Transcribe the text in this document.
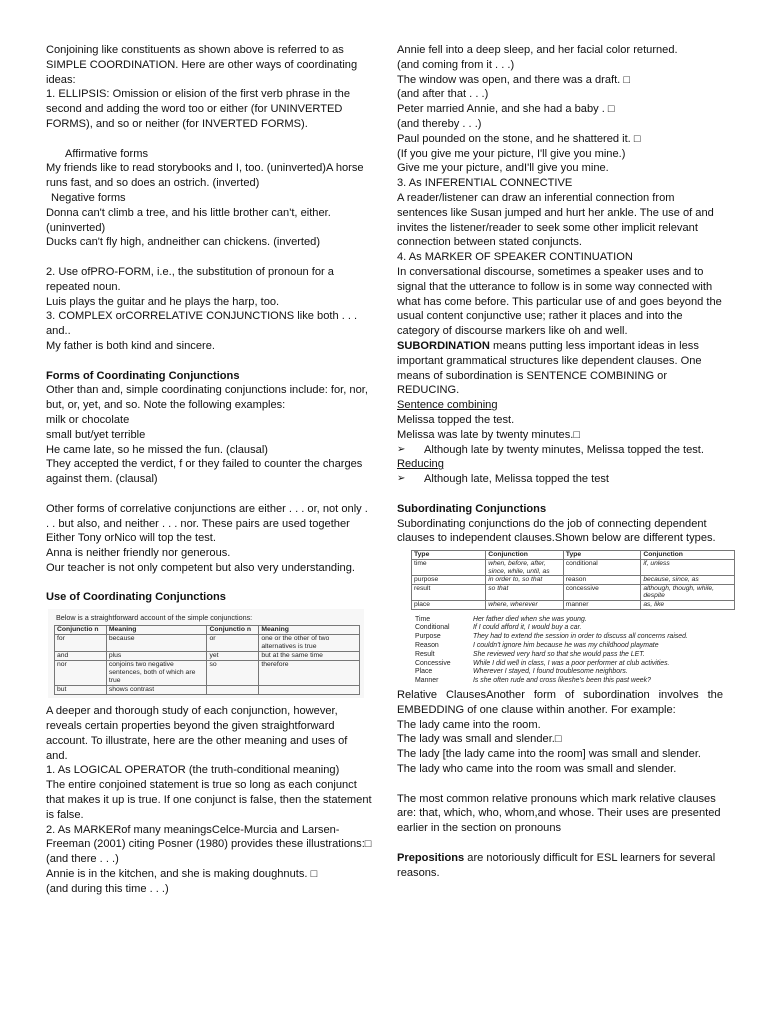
Conjoining like constituents as shown above is referred to as SIMPLE COORDINATION. Here are other ways of coordinating ideas:

1. ELLIPSIS: Omission or elision of the first verb phrase in the second and adding the word too or either (for UNINVERTED FORMS), and so or neither (for INVERTED FORMS).

Affirmative forms

My friends like to read storybooks and I, too. (uninverted)A horse runs fast, and so does an ostrich. (inverted)

Negative forms

Donna can't climb a tree, and his little brother can't, either. (uninverted)

Ducks can't fly high, andneither can chickens. (inverted)

2. Use ofPRO-FORM, i.e., the substitution of pronoun for a repeated noun.

Luis plays the guitar and he plays the harp, too.

3. COMPLEX orCORRELATIVE CONJUNCTIONS like both . . . and..

My father is both kind and sincere.

Forms of Coordinating Conjunctions

Other than and, simple coordinating conjunctions include: for, nor, but, or, yet, and so. Note the following examples:

milk or chocolate

small but/yet terrible

He came late, so he missed the fun. (clausal)

They accepted the verdict, f or they failed to counter the charges against them. (clausal)

Other forms of correlative conjunctions are either . . . or, not only . . . but also, and neither . . . nor. These pairs are used together

Either Tony orNico will top the test.

Anna is neither friendly nor generous.

Our teacher is not only competent but also very understanding.

Use of Coordinating Conjunctions

Below is a straightforward account of the simple conjunctions:
Conjunctio n	Meaning	Conjunctio n	Meaning
for	because	or	one or the other of two alternatives is true
and	plus	yet	but at the same time
nor	conjoins two negative sentences, both of which are true	so	therefore
but	shows contrast		

A deeper and thorough study of each conjunction, however, reveals certain properties beyond the given straightforward account. To illustrate, here are the other meaning and uses of and.

1. As LOGICAL OPERATOR (the truth-conditional meaning)

The entire conjoined statement is true so long as each conjunct that makes it up is true. If one conjunct is false, then the statement is false.

2. As MARKERof many meaningsCelce-Murcia and Larsen-Freeman (2001) citing Posner (1980) provides these illustrations:□

(and there . . .)

Annie is in the kitchen, and she is making doughnuts. □

(and during this time . . .)

Annie fell into a deep sleep, and her facial color returned.

(and coming from it . . .)

The window was open, and there was a draft. □

(and after that . . .)

Peter married Annie, and she had a baby . □

(and thereby . . .)

Paul pounded on the stone, and he shattered it. □

(If you give me your picture, I'll give you mine.)

Give me your picture, andI'll give you mine.

3. As INFERENTIAL CONNECTIVE

A reader/listener can draw an inferential connection from sentences like Susan jumped and hurt her ankle. The use of and invites the listener/reader to seek some other implicit relevant connection between stated conjuncts.

4. As MARKER OF SPEAKER CONTINUATION

In conversational discourse, sometimes a speaker uses and to signal that the utterance to follow is in some way connected with what has come before. This particular use of and goes beyond the usual content conjunctive use; rather it places and into the category of discourse markers like oh and well.

SUBORDINATION means putting less important ideas in less important grammatical structures like dependent clauses. One means of subordination is SENTENCE COMBINING or REDUCING.

Sentence combining

Melissa topped the test.

Melissa was late by twenty minutes.□

➢	Although late by twenty minutes, Melissa topped the test.

Reducing

➢	Although late, Melissa topped the test

Subordinating Conjunctions

Subordinating conjunctions do the job of connecting dependent clauses to independent clauses.Shown below are different types.

Type	Conjunction	Type	Conjunction
time	when, before, after, since, while, until, as	conditional	if, unless
purpose	in order to, so that	reason	because, since, as
result	so that	concessive	although, though, while, despite
place	where, wherever	manner	as, like
Time	Her father died when she was young.
Conditional	If I could afford it, I would buy a car.
Purpose	They had to extend the session in order to discuss all concerns raised.
Reason	I couldn't ignore him because he was my childhood playmate
Result	She reviewed very hard so that she would pass the LET.
Concessive	While I did well in class, I was a poor performer at club activities.
Place	Wherever I stayed, I found troublesome neighbors.
Manner	Is she often rude and cross likeshe's been this past week?

Relative ClausesAnother form of subordination involves the EMBEDDING of one clause within another. For example:

The lady came into the room.

The lady was small and slender.□

The lady [the lady came into the room] was small and slender.

The lady who came into the room was small and slender.

The most common relative pronouns which mark relative clauses are: that, which, who, whom,and whose. Their uses are presented earlier in the section on pronouns

Prepositions are notoriously difficult for ESL learners for several reasons.
